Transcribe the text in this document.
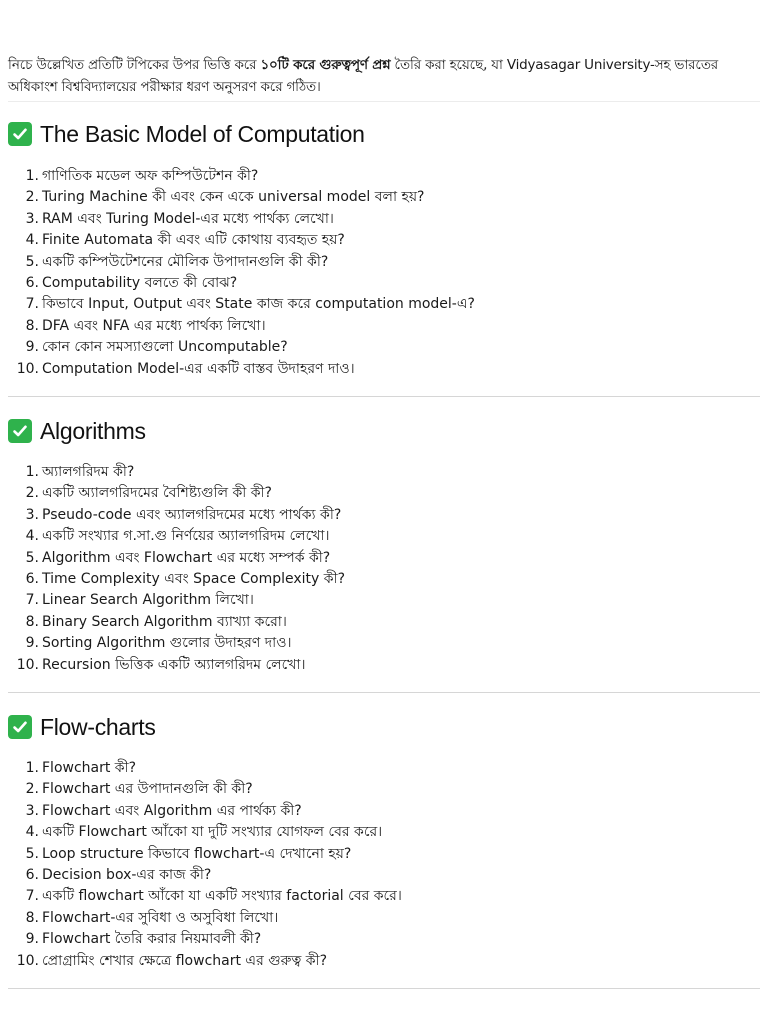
নিচে উল্লেখিত প্রতিটি টপিকের উপর ভিত্তি করে ১০টি করে গুরুত্বপূর্ণ প্রশ্ন তৈরি করা হয়েছে, যা Vidyasagar University-সহ ভারতের অধিকাংশ বিশ্ববিদ্যালয়ের পরীক্ষার ধরণ অনুসরণ করে গঠিত।

The Basic Model of Computation
1. গাণিতিক মডেল অফ কম্পিউটেশন কী?
2. Turing Machine কী এবং কেন একে universal model বলা হয়?
3. RAM এবং Turing Model-এর মধ্যে পার্থক্য লেখো।
4. Finite Automata কী এবং এটি কোথায় ব্যবহৃত হয়?
5. একটি কম্পিউটেশনের মৌলিক উপাদানগুলি কী কী?
6. Computability বলতে কী বোঝ?
7. কিভাবে Input, Output এবং State কাজ করে computation model-এ?
8. DFA এবং NFA এর মধ্যে পার্থক্য লিখো।
9. কোন কোন সমস্যাগুলো Uncomputable?
10. Computation Model-এর একটি বাস্তব উদাহরণ দাও।
Algorithms
1. অ্যালগরিদম কী?
2. একটি অ্যালগরিদমের বৈশিষ্ট্যগুলি কী কী?
3. Pseudo-code এবং অ্যালগরিদমের মধ্যে পার্থক্য কী?
4. একটি সংখ্যার গ.সা.গু নির্ণয়ের অ্যালগরিদম লেখো।
5. Algorithm এবং Flowchart এর মধ্যে সম্পর্ক কী?
6. Time Complexity এবং Space Complexity কী?
7. Linear Search Algorithm লিখো।
8. Binary Search Algorithm ব্যাখ্যা করো।
9. Sorting Algorithm গুলোর উদাহরণ দাও।
10. Recursion ভিত্তিক একটি অ্যালগরিদম লেখো।
Flow-charts
1. Flowchart কী?
2. Flowchart এর উপাদানগুলি কী কী?
3. Flowchart এবং Algorithm এর পার্থক্য কী?
4. একটি Flowchart আঁকো যা দুটি সংখ্যার যোগফল বের করে।
5. Loop structure কিভাবে flowchart-এ দেখানো হয়?
6. Decision box-এর কাজ কী?
7. একটি flowchart আঁকো যা একটি সংখ্যার factorial বের করে।
8. Flowchart-এর সুবিধা ও অসুবিধা লিখো।
9. Flowchart তৈরি করার নিয়মাবলী কী?
10. প্রোগ্রামিং শেখার ক্ষেত্রে flowchart এর গুরুত্ব কী?
